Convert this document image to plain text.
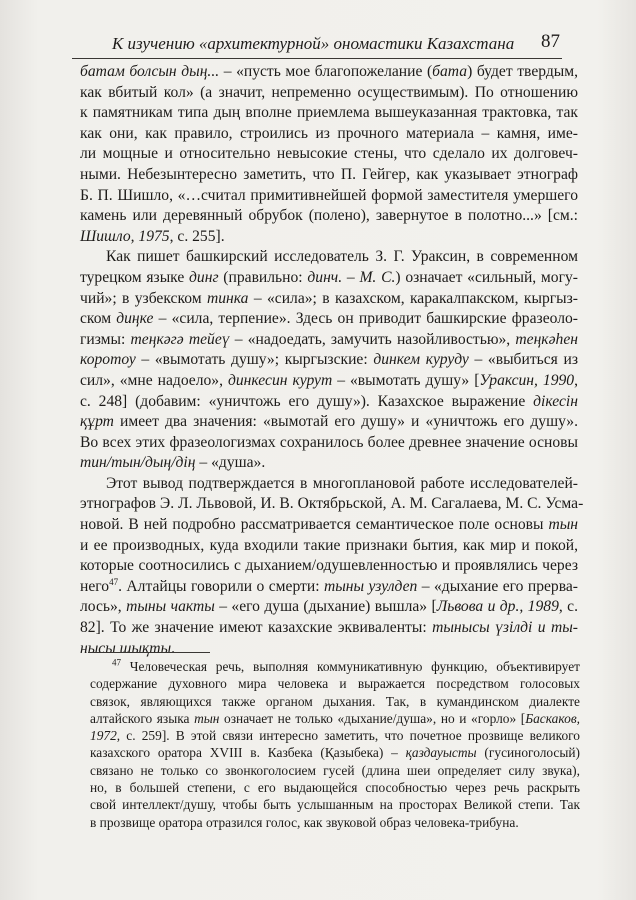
К изучению «архитектурной» ономастики Казахстана 87
батам болсын дың... – «пусть мое благопожелание (бата) будет твердым,
как вбитый кол» (а значит, непременно осуществимым). По отношению
к памятникам типа дың вполне приемлема вышеуказанная трактовка, так
как они, как правило, строились из прочного материала – камня, име-
ли мощные и относительно невысокие стены, что сделало их долговеч-
ными. Небезынтересно заметить, что П. Гейгер, как указывает этнограф
Б. П. Шишло, «…считал примитивнейшей формой заместителя умершего
камень или деревянный обрубок (полено), завернутое в полотно...» [см.:
Шишло, 1975, с. 255].
Как пишет башкирский исследователь З. Г. Ураксин, в современном
турецком языке динг (правильно: динч. – М. С.) означает «сильный, могу-
чий»; в узбекском тинка – «сила»; в казахском, каракалпакском, кыргыз-
ском диңке – «сила, терпение». Здесь он приводит башкирские фразеоло-
гизмы: теңкәгә тейеү – «надоедать, замучить назойливостью», теңкәһен
коротоу – «вымотать душу»; кыргызские: динкем куруду – «выбиться из
сил», «мне надоело», динкесин курут – «вымотать душу» [Ураксин, 1990,
с. 248] (добавим: «уничтожь его душу»). Казахское выражение дікесін
құрт имеет два значения: «вымотай его душу» и «уничтожь его душу».
Во всех этих фразеологизмах сохранилось более древнее значение основы
тин/тын/дың/дің – «душа».
Этот вывод подтверждается в многоплановой работе исследователей-
этнографов Э. Л. Львовой, И. В. Октябрьской, А. М. Сагалаева, М. С. Усма-
новой. В ней подробно рассматривается семантическое поле основы тын
и ее производных, куда входили такие признаки бытия, как мир и покой,
которые соотносились с дыханием/одушевленностью и проявлялись через
него$^{47}$. Алтайцы говорили о смерти: тыны узулдеп – «дыхание его прерва-
лось», тыны чакты – «его душа (дыхание) вышла» [Львова и др., 1989, с.
82]. То же значение имеют казахские эквиваленты: тынысы үзілді и ты-
нысы шықты.
$^{47}$ Человеческая речь, выполняя коммуникативную функцию, объективирует
содержание духовного мира человека и выражается посредством голосовых
связок, являющихся также органом дыхания. Так, в кумандинском диалекте
алтайского языка тын означает не только «дыхание/душа», но и «горло» [Баскаков,
1972, с. 259]. В этой связи интересно заметить, что почетное прозвище великого
казахского оратора XVIII в. Казбека (Қазыбека) – қаздауысты (гусиноголосый)
связано не только со звонкоголосием гусей (длина шеи определяет силу звука),
но, в большей степени, с его выдающейся способностью через речь раскрыть
свой интеллект/душу, чтобы быть услышанным на просторах Великой степи. Так
в прозвище оратора отразился голос, как звуковой образ человека-трибуна.
